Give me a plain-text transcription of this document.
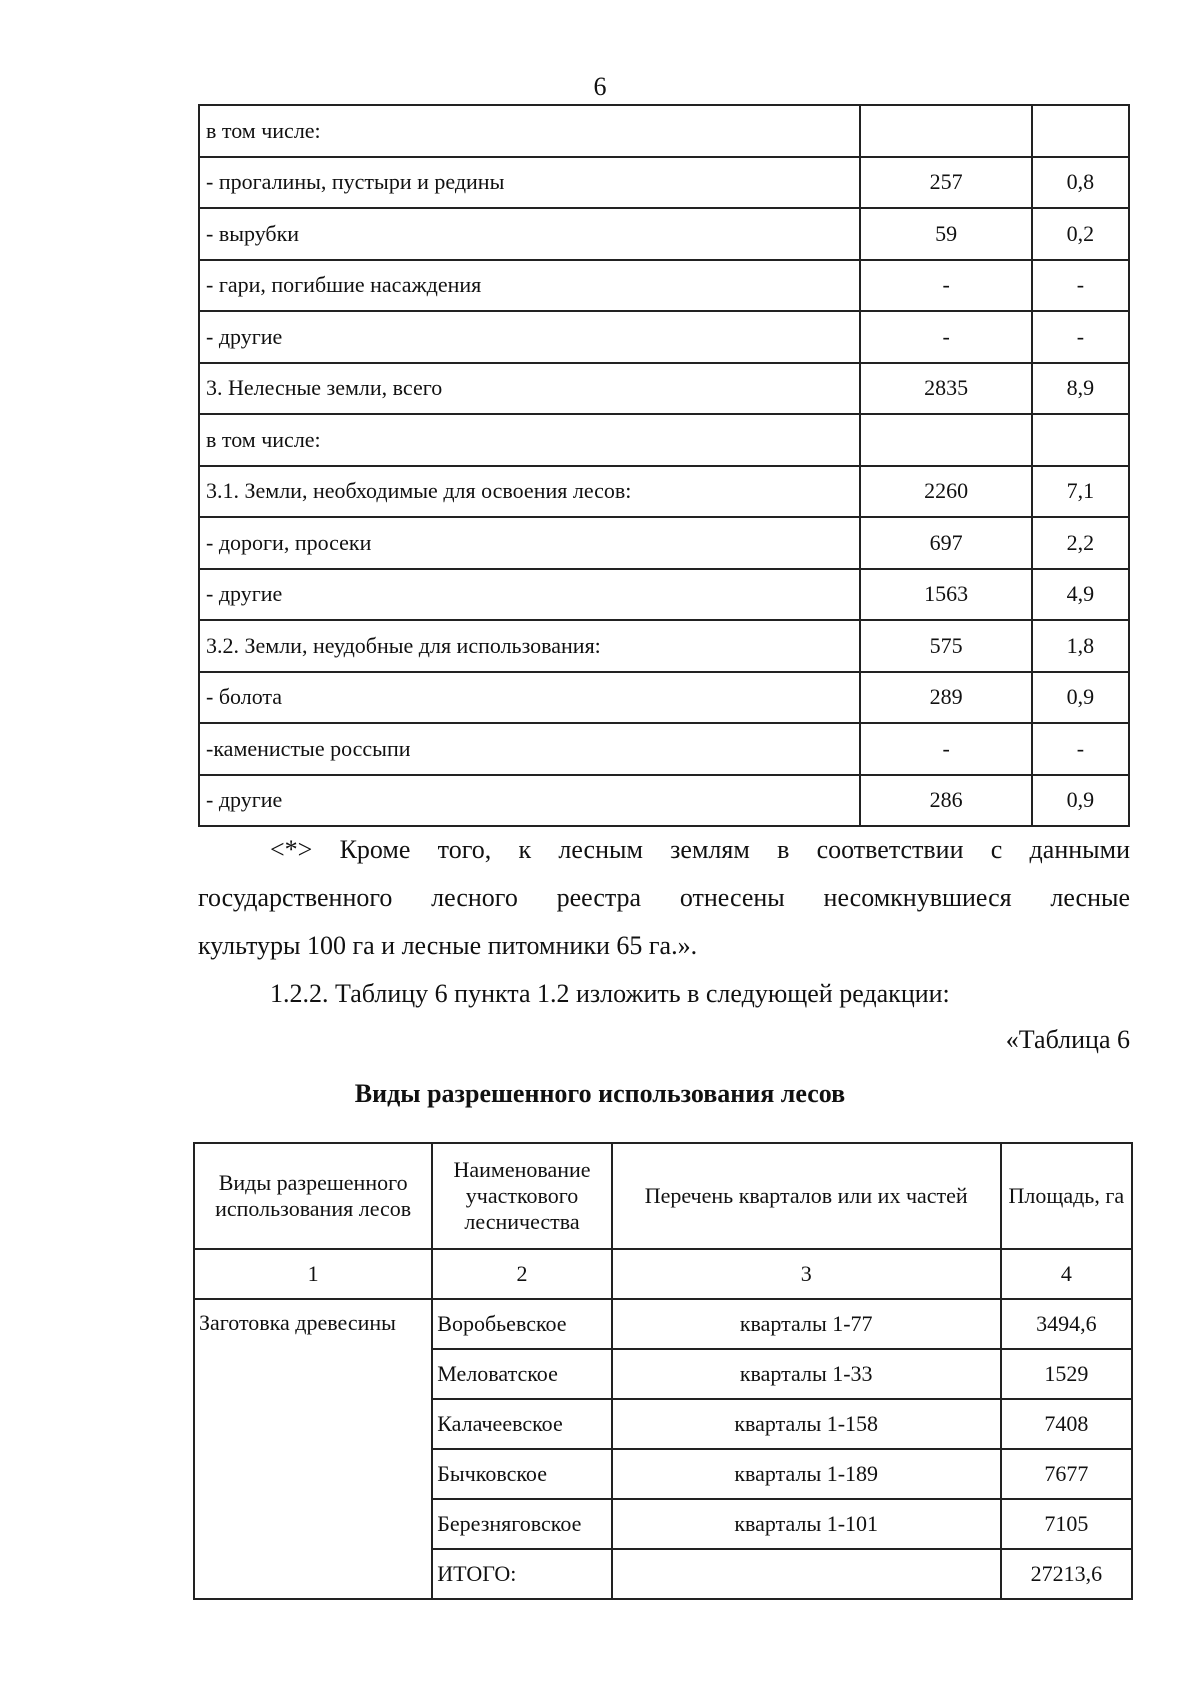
6
в том числе:		
- прогалины, пустыри и редины	257	0,8
- вырубки	59	0,2
- гари, погибшие насаждения	-	-
- другие	-	-
3. Нелесные земли, всего	2835	8,9
в том числе:		
3.1. Земли, необходимые для освоения лесов:	2260	7,1
- дороги, просеки	697	2,2
- другие	1563	4,9
3.2. Земли, неудобные для использования:	575	1,8
- болота	289	0,9
-каменистые россыпи	-	-
- другие	286	0,9
<*> Кроме того, к лесным землям в соответствии с данными
государственного лесного реестра отнесены несомкнувшиеся лесные
культуры 100 га и лесные питомники 65 га.».
1.2.2. Таблицу 6 пункта 1.2 изложить в следующей редакции:
«Таблица 6
Виды разрешенного использования лесов
Виды разрешенного использования лесов	Наименование участкового лесничества	Перечень кварталов или их частей	Площадь, га
1	2	3	4
Заготовка древесины	Воробьевское	кварталы 1-77	3494,6
	Меловатское	кварталы 1-33	1529
	Калачеевское	кварталы 1-158	7408
	Бычковское	кварталы 1-189	7677
	Березняговское	кварталы 1-101	7105
	ИТОГО:		27213,6
